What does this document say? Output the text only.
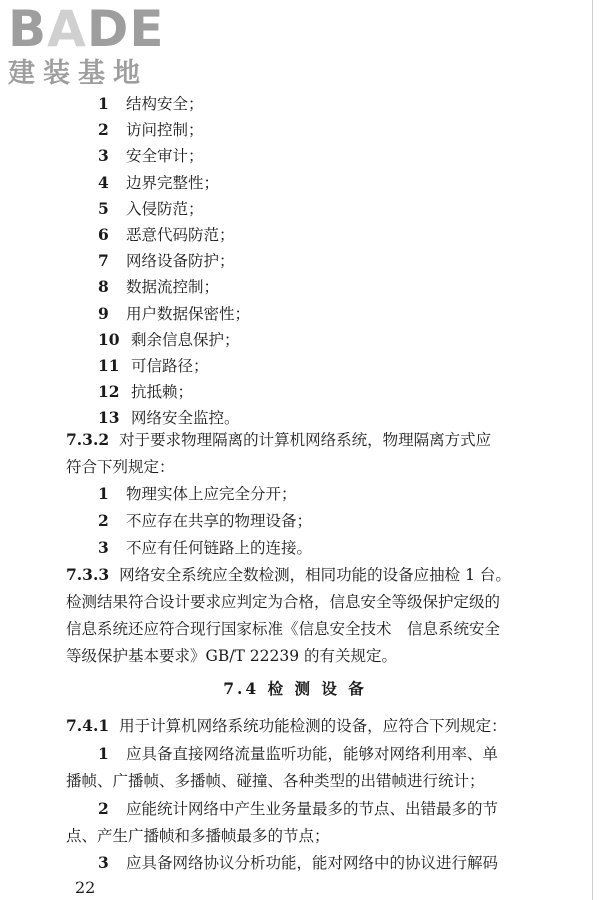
BADE
建装基地
1 结构安全；
2 访问控制；
3 安全审计；
4 边界完整性；
5 入侵防范；
6 恶意代码防范；
7 网络设备防护；
8 数据流控制；
9 用户数据保密性；
10 剩余信息保护；
11 可信路径；
12 抗抵赖；
13 网络安全监控。
7.3.2 对于要求物理隔离的计算机网络系统，物理隔离方式应
符合下列规定：
1 物理实体上应完全分开；
2 不应存在共享的物理设备；
3 不应有任何链路上的连接。
7.3.3 网络安全系统应全数检测，相同功能的设备应抽检 1 台。
检测结果符合设计要求应判定为合格，信息安全等级保护定级的
信息系统还应符合现行国家标准《信息安全技术　信息系统安全
等级保护基本要求》GB/T 22239 的有关规定。
7.4 检 测 设 备
7.4.1 用于计算机网络系统功能检测的设备，应符合下列规定：
1 应具备直接网络流量监听功能，能够对网络利用率、单
播帧、广播帧、多播帧、碰撞、各种类型的出错帧进行统计；
2 应能统计网络中产生业务量最多的节点、出错最多的节
点、产生广播帧和多播帧最多的节点；
3 应具备网络协议分析功能，能对网络中的协议进行解码
22
